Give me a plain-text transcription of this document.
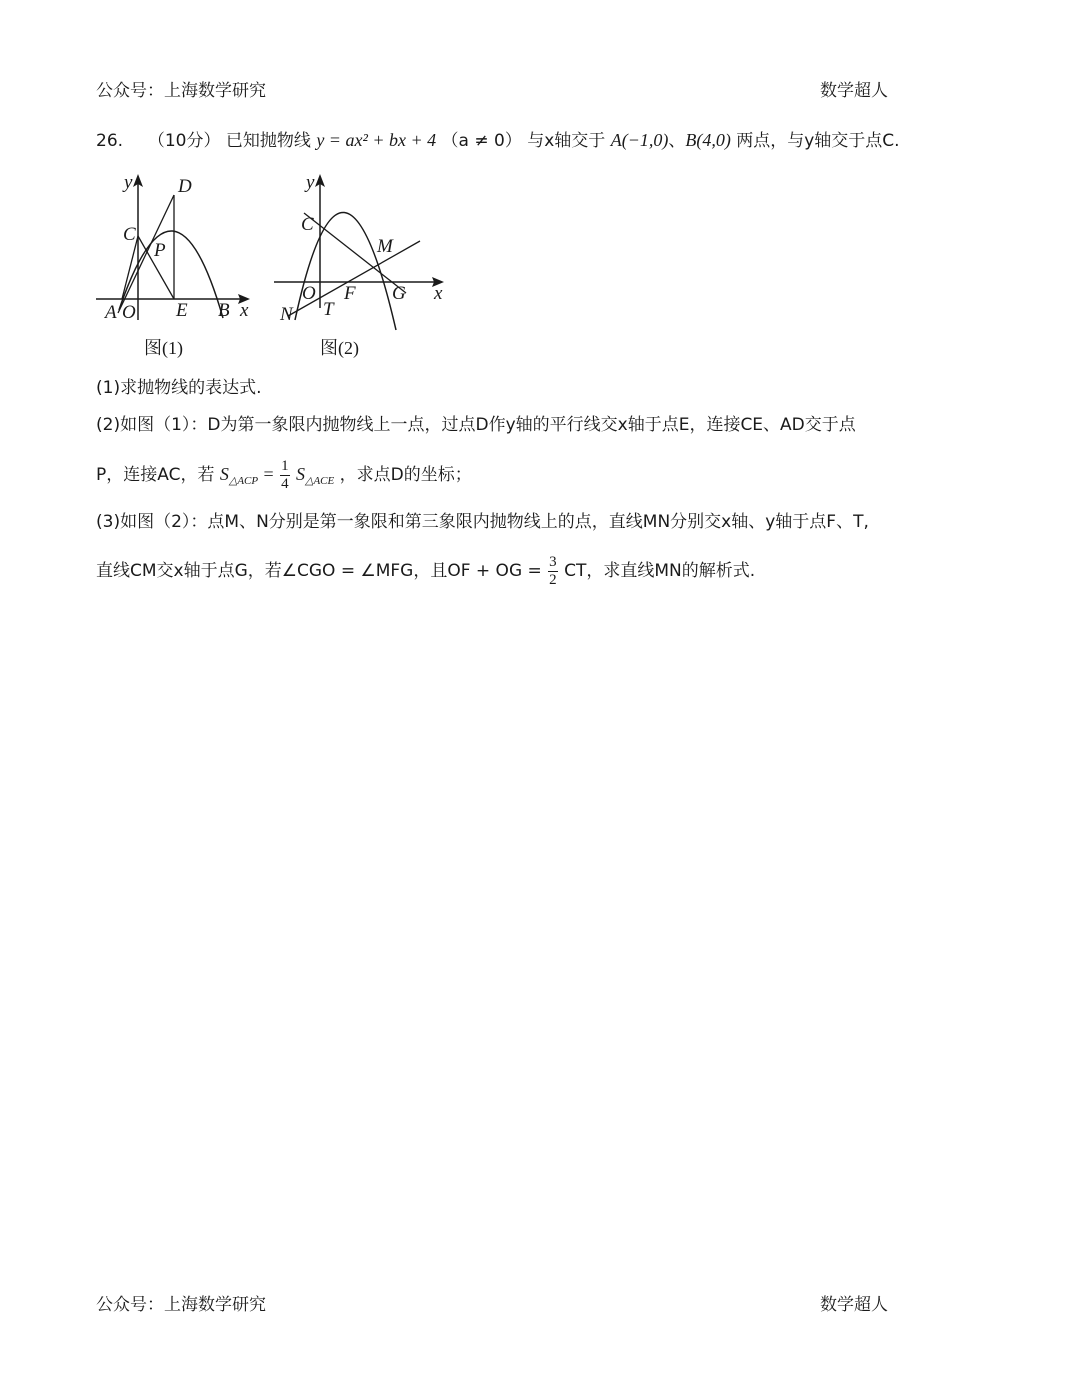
公众号：上海数学研究	数学超人
26. （10分） 已知抛物线 y = ax² + bx + 4 （a ≠ 0） 与x轴交于 A(−1,0)、B(4,0) 两点，与y轴交于点C.
y D
C
P
A O E B x
图(1)
y
C
M
O F G x
N T
图(2)
(1)求抛物线的表达式.
(2)如图（1）：D为第一象限内抛物线上一点，过点D作y轴的平行线交x轴于点E，连接CE、AD交于点
P，连接AC，若 $S_{\triangle ACP} = \frac{1}{4} S_{\triangle ACE}$ ，求点D的坐标；
(3)如图（2）：点M、N分别是第一象限和第三象限内抛物线上的点，直线MN分别交x轴、y轴于点F、T,
直线CM交x轴于点G，若∠CGO = ∠MFG，且OF + OG = $\frac{3}{2}$ CT，求直线MN的解析式.
公众号：上海数学研究	数学超人
